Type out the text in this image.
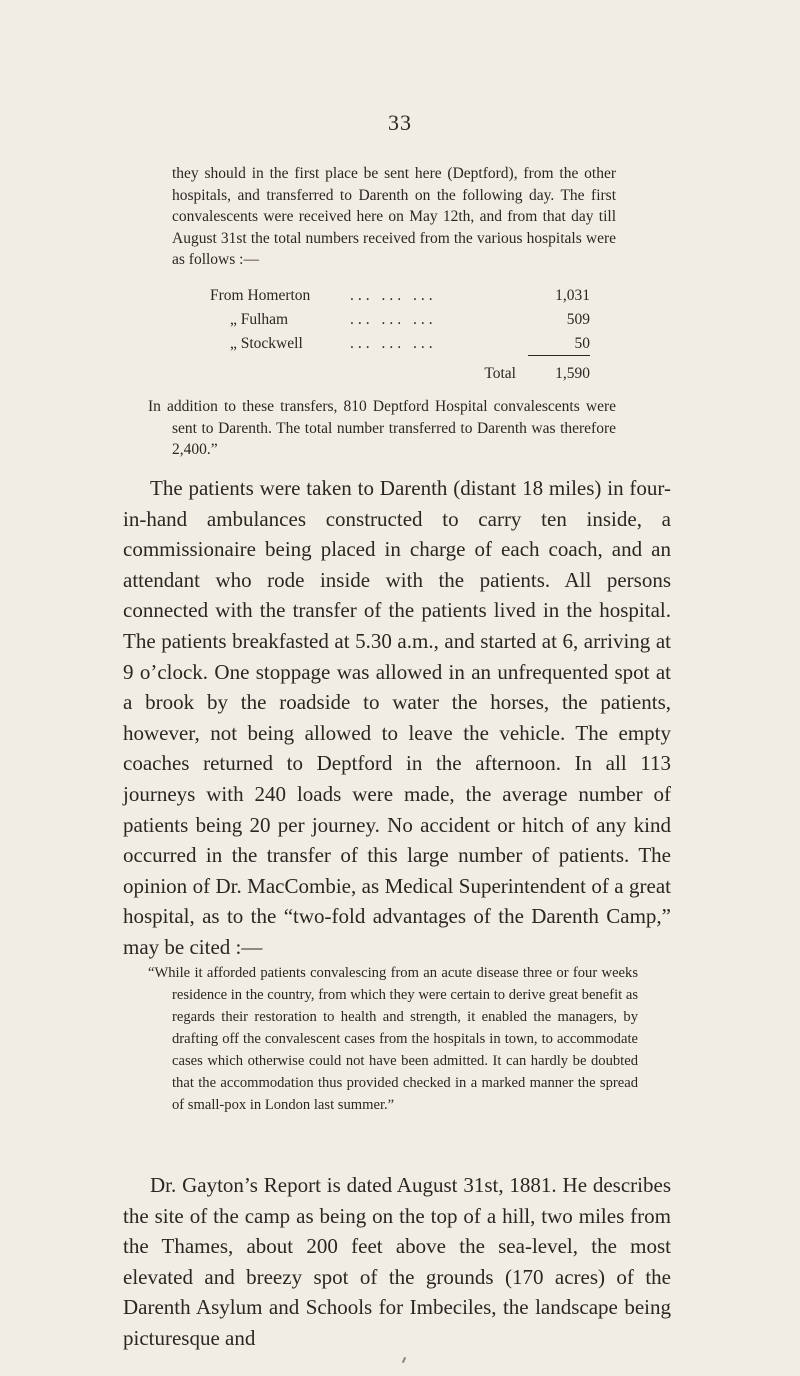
33
they should in the first place be sent here (Deptford), from the other hospitals, and transferred to Darenth on the following day. The first convalescents were received here on May 12th, and from that day till August 31st the total numbers received from the various hospitals were as follows :—
From Homerton	... ... ...	1,031
„ Fulham	... ... ...	509
„ Stockwell	... ... ...	50
Total	1,590

In addition to these transfers, 810 Deptford Hospital convalescents were sent to Darenth. The total number transferred to Darenth was therefore 2,400.”

The patients were taken to Darenth (distant 18 miles) in four-in-hand ambulances constructed to carry ten inside, a commissionaire being placed in charge of each coach, and an attendant who rode inside with the patients. All persons connected with the transfer of the patients lived in the hospital. The patients breakfasted at 5.30 a.m., and started at 6, arriving at 9 o’clock. One stoppage was allowed in an unfrequented spot at a brook by the roadside to water the horses, the patients, however, not being allowed to leave the vehicle. The empty coaches returned to Deptford in the afternoon. In all 113 journeys with 240 loads were made, the average number of patients being 20 per journey. No accident or hitch of any kind occurred in the transfer of this large number of patients. The opinion of Dr. MacCombie, as Medical Superintendent of a great hospital, as to the “two-fold advantages of the Darenth Camp,” may be cited :—

“While it afforded patients convalescing from an acute disease three or four weeks residence in the country, from which they were certain to derive great benefit as regards their restoration to health and strength, it enabled the managers, by drafting off the convalescent cases from the hospitals in town, to accommodate cases which otherwise could not have been admitted. It can hardly be doubted that the accommodation thus provided checked in a marked manner the spread of small-pox in London last summer.”

Dr. Gayton’s Report is dated August 31st, 1881. He describes the site of the camp as being on the top of a hill, two miles from the Thames, about 200 feet above the sea-level, the most elevated and breezy spot of the grounds (170 acres) of the Darenth Asylum and Schools for Imbeciles, the landscape being picturesque and
